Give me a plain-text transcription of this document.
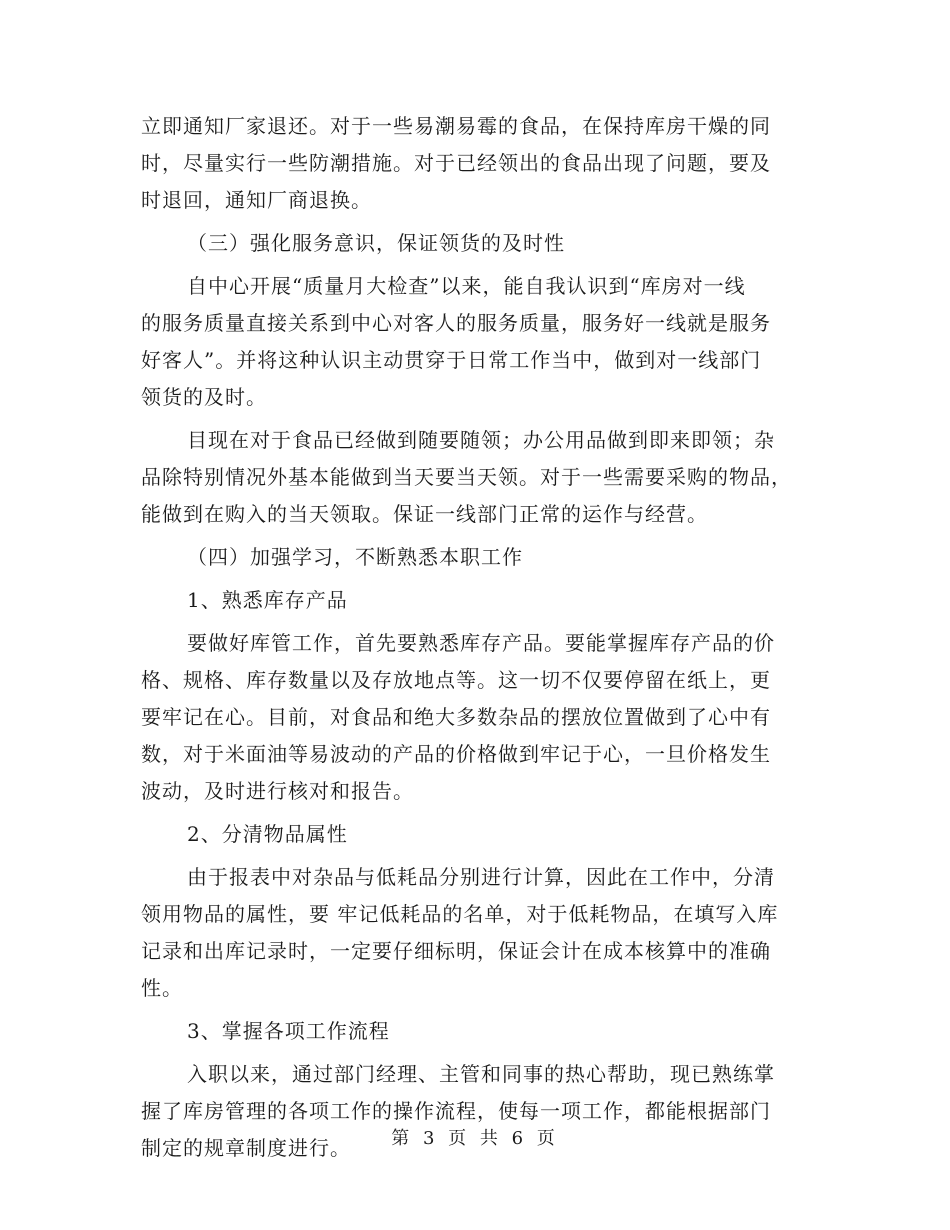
立即通知厂家退还。对于一些易潮易霉的食品，在保持库房干燥的同
时，尽量实行一些防潮措施。对于已经领出的食品出现了问题，要及
时退回，通知厂商退换。

（三）强化服务意识，保证领货的及时性

自中心开展“质量月大检查”以来，能自我认识到“库房对一线
的服务质量直接关系到中心对客人的服务质量，服务好一线就是服务
好客人”。并将这种认识主动贯穿于日常工作当中，做到对一线部门
领货的及时。

目现在对于食品已经做到随要随领；办公用品做到即来即领；杂
品除特别情况外基本能做到当天要当天领。对于一些需要采购的物品，
能做到在购入的当天领取。保证一线部门正常的运作与经营。

（四）加强学习，不断熟悉本职工作

1、熟悉库存产品

要做好库管工作，首先要熟悉库存产品。要能掌握库存产品的价
格、规格、库存数量以及存放地点等。这一切不仅要停留在纸上，更
要牢记在心。目前，对食品和绝大多数杂品的摆放位置做到了心中有
数，对于米面油等易波动的产品的价格做到牢记于心，一旦价格发生
波动，及时进行核对和报告。

2、分清物品属性

由于报表中对杂品与低耗品分别进行计算，因此在工作中，分清
领用物品的属性，要 牢记低耗品的名单，对于低耗物品，在填写入库
记录和出库记录时，一定要仔细标明，保证会计在成本核算中的准确
性。

3、掌握各项工作流程

入职以来，通过部门经理、主管和同事的热心帮助，现已熟练掌
握了库房管理的各项工作的操作流程，使每一项工作，都能根据部门
制定的规章制度进行。	第 3 页 共 6 页
